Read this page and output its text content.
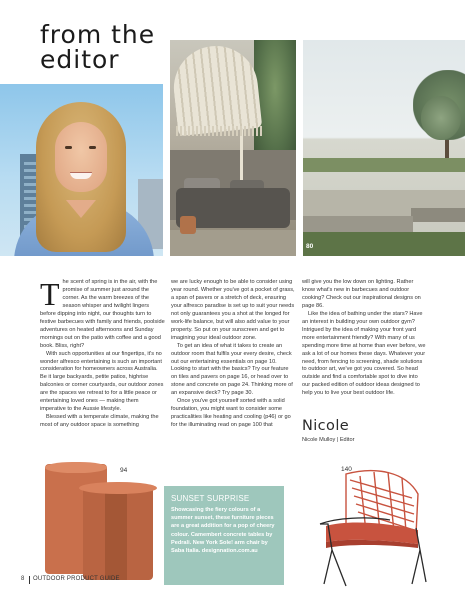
from the
editor
80

The scent of spring is in the air, with the promise of summer just around the corner. As the warm breezes of the season whisper and twilight lingers before dipping into night, our thoughts turn to festive barbecues with family and friends, poolside adventures on heated afternoons and Sunday mornings out on the patio with coffee and a good book. Bliss, right?

With such opportunities at our fingertips, it's no wonder alfresco entertaining is such an important consideration for homeowners across Australia. Be it large backyards, petite patios, highrise balconies or corner courtyards, our outdoor zones are the spaces we retreat to for a little peace or entertaining loved ones — making them imperative to the Aussie lifestyle.

Blessed with a temperate climate, making the most of any outdoor space is something

we are lucky enough to be able to consider using year round. Whether you've got a pocket of grass, a span of pavers or a stretch of deck, ensuring your alfresco paradise is set up to suit your needs not only guarantees you a shot at the longed for work-life balance, but will also add value to your property. So put on your sunscreen and get to imagining your ideal outdoor zone.

To get an idea of what it takes to create an outdoor room that fulfils your every desire, check out our entertaining essentials on page 10. Looking to start with the basics? Try our feature on tiles and pavers on page 16, or head over to stone and concrete on page 24. Thinking more of an expansive deck? Try page 30.

Once you've got yourself sorted with a solid foundation, you might want to consider some practicalities like heating and cooling (p46) or go for the illuminating read on page 100 that

will give you the low down on lighting. Rather know what's new in barbecues and outdoor cooking? Check out our inspirational designs on page 86.

Like the idea of bathing under the stars? Have an interest in building your own outdoor gym? Intrigued by the idea of making your front yard more entertainment friendly? With many of us spending more time at home than ever before, we ask a lot of our homes these days. Whatever your need, from fencing to screening, shade solutions to outdoor art, we've got you covered. So head outside and find a comfortable spot to dive into our packed edition of outdoor ideas designed to help you to live your best outdoor life.

Nicole
Nicole Mulloy | Editor
94
SUNSET SURPRISE
Showcasing the fiery colours of a summer sunset, these furniture pieces are a great addition for a pop of cheery colour. Camembert concrete tables by Pedrali. New York Sole! arm chair by Saba Italia. designnation.com.au
140
8 OUTDOOR PRODUCT GUIDE
